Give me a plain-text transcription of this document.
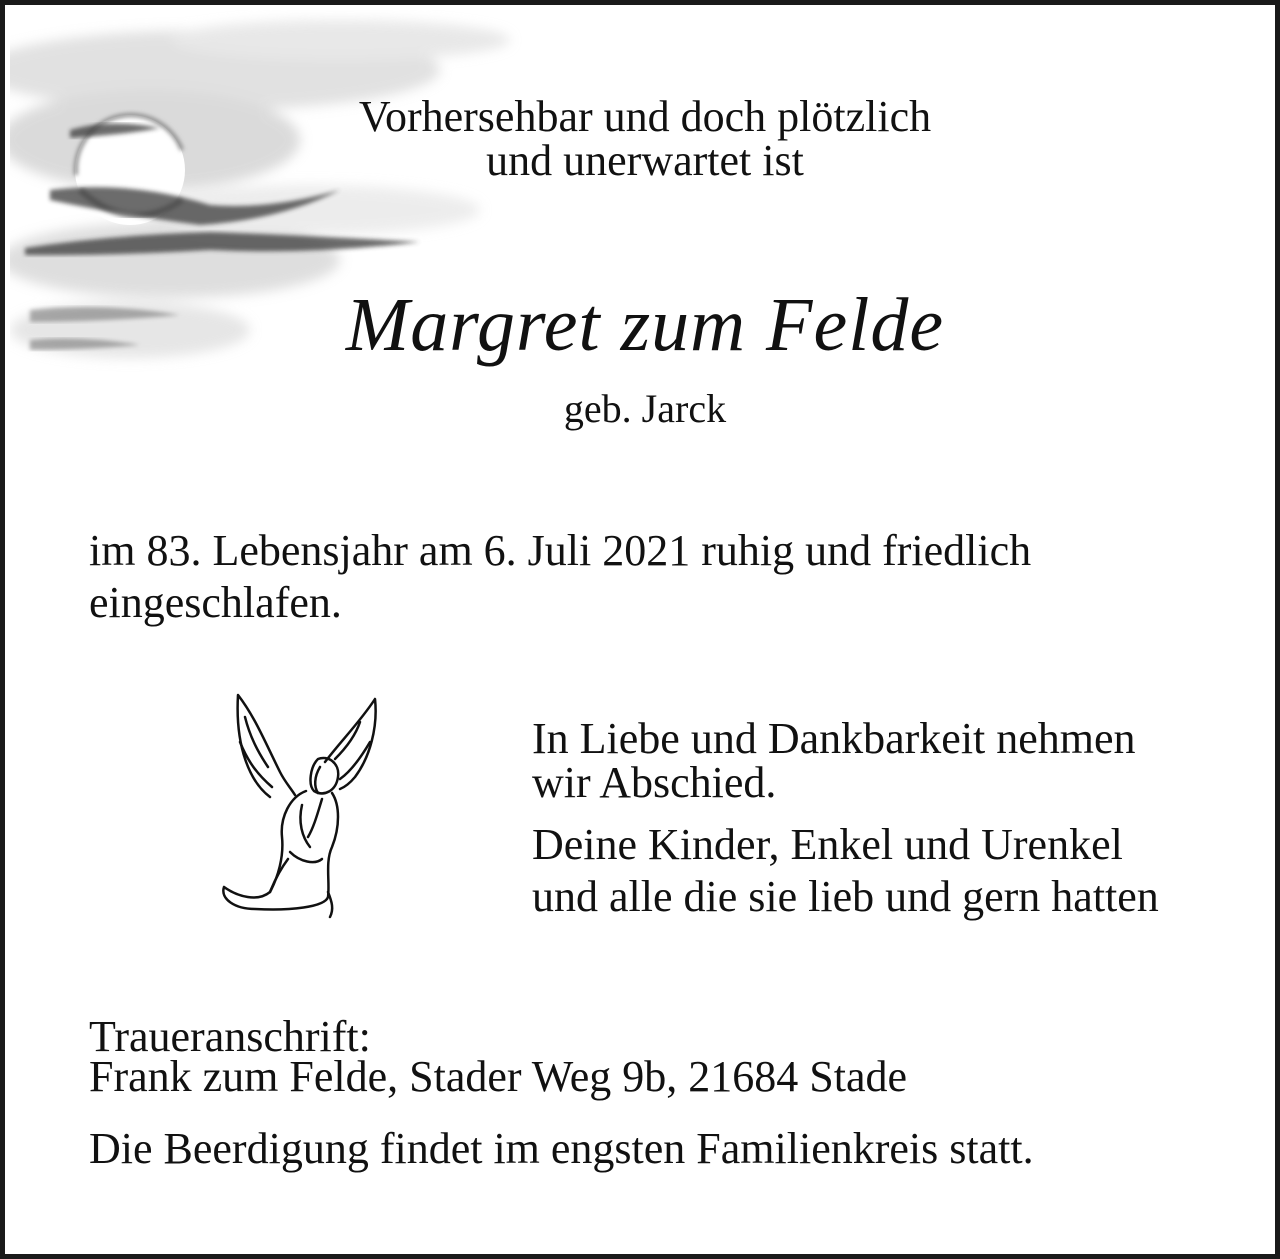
Vorhersehbar und doch plötzlich
und unerwartet ist
Margret zum Felde
geb. Jarck
im 83. Lebensjahr am 6. Juli 2021 ruhig und friedlich
eingeschlafen.
In Liebe und Dankbarkeit nehmen
wir Abschied.
Deine Kinder, Enkel und Urenkel
und alle die sie lieb und gern hatten
Traueranschrift:
Frank zum Felde, Stader Weg 9b, 21684 Stade
Die Beerdigung findet im engsten Familienkreis statt.
